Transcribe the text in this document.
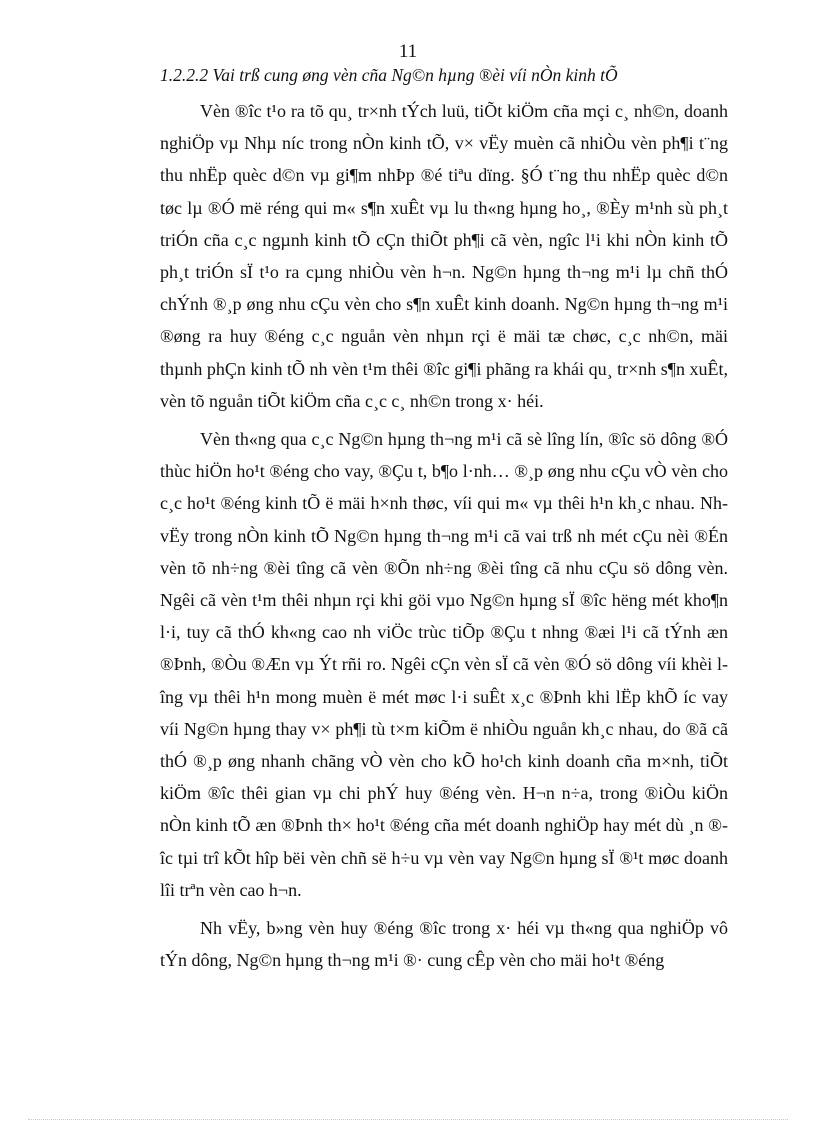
11
1.2.2.2 Vai trß cung øng vèn cña Ng©n hµng ®èi víi nÒn kinh tÕ

Vèn ®îc t¹o ra tõ qu¸ tr×nh tÝch luü, tiÕt kiÖm cña mçi c¸ nh©n, doanh nghiÖp vµ Nhµ níc trong nÒn kinh tÕ, v× vËy muèn cã nhiÒu vèn ph¶i t¨ng thu nhËp quèc d©n vµ gi¶m nhÞp ®é tiªu dïng. §Ó t¨ng thu nhËp quèc d©n tøc lµ ®Ó më réng qui m« s¶n xuÊt vµ lu th«ng hµng ho¸, ®Èy m¹nh sù ph¸t triÓn cña c¸c ngµnh kinh tÕ cÇn thiÕt ph¶i cã vèn, ngîc l¹i khi nÒn kinh tÕ ph¸t triÓn sÏ t¹o ra cµng nhiÒu vèn h¬n. Ng©n hµng th¬ng m¹i lµ chñ thÓ chÝnh ®¸p øng nhu cÇu vèn cho s¶n xuÊt kinh doanh. Ng©n hµng th¬ng m¹i ®øng ra huy ®éng c¸c nguån vèn nhµn rçi ë mäi tæ chøc, c¸c nh©n, mäi thµnh phÇn kinh tÕ nh vèn t¹m thêi ®îc gi¶i phãng ra khái qu¸ tr×nh s¶n xuÊt, vèn tõ nguån tiÕt kiÖm cña c¸c c¸ nh©n trong x· héi.

Vèn th«ng qua c¸c Ng©n hµng th¬ng m¹i cã sè lîng lín, ®îc sö dông ®Ó thùc hiÖn ho¹t ®éng cho vay, ®Çu t, b¶o l·nh… ®¸p øng nhu cÇu vÒ vèn cho c¸c ho¹t ®éng kinh tÕ ë mäi h×nh thøc, víi qui m« vµ thêi h¹n kh¸c nhau. Nh vËy trong nÒn kinh tÕ Ng©n hµng th¬ng m¹i cã vai trß nh mét cÇu nèi ®Én vèn tõ nh÷ng ®èi tîng cã vèn ®Õn nh÷ng ®èi tîng cã nhu cÇu sö dông vèn. Ngêi cã vèn t¹m thêi nhµn rçi khi göi vµo Ng©n hµng sÏ ®îc hëng mét kho¶n l·i, tuy cã thÓ kh«ng cao nh viÖc trùc tiÕp ®Çu t nhng ®æi l¹i cã tÝnh æn ®Þnh, ®Òu ®Æn vµ Ýt rñi ro. Ngêi cÇn vèn sÏ cã vèn ®Ó sö dông víi khèi lîng vµ thêi h¹n mong muèn ë mét møc l·i suÊt x¸c ®Þnh khi lËp khÕ íc vay víi Ng©n hµng thay v× ph¶i tù t×m kiÕm ë nhiÒu nguån kh¸c nhau, do ®ã cã thÓ ®¸p øng nhanh chãng vÒ vèn cho kÕ ho¹ch kinh doanh cña m×nh, tiÕt kiÖm ®îc thêi gian vµ chi phÝ huy ®éng vèn. H¬n n÷a, trong ®iÒu kiÖn nÒn kinh tÕ æn ®Þnh th× ho¹t ®éng cña mét doanh nghiÖp hay mét dù ¸n ®îc tµi trî kÕt hîp bëi vèn chñ së h÷u vµ vèn vay Ng©n hµng sÏ ®¹t møc doanh lîi trªn vèn cao h¬n.

Nh vËy, b»ng vèn huy ®éng ®îc trong x· héi vµ th«ng qua nghiÖp vô tÝn dông, Ng©n hµng th¬ng m¹i ®· cung cÊp vèn cho mäi ho¹t ®éng
